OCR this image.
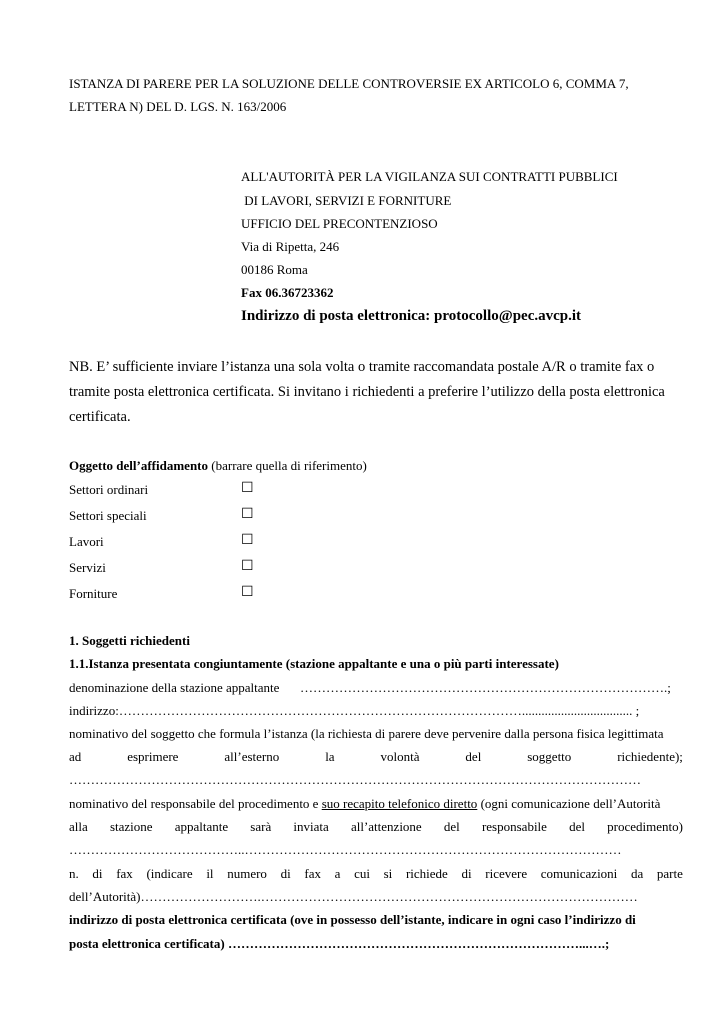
ISTANZA DI PARERE PER LA SOLUZIONE DELLE CONTROVERSIE EX ARTICOLO 6, COMMA 7,
LETTERA N) DEL D. LGS. N. 163/2006
ALL'AUTORITÀ PER LA VIGILANZA SUI CONTRATTI PUBBLICI
DI LAVORI, SERVIZI E FORNITURE
UFFICIO DEL PRECONTENZIOSO
Via di Ripetta, 246
00186 Roma
Fax 06.36723362
Indirizzo di posta elettronica: protocollo@pec.avcp.it
NB. E’ sufficiente inviare l’istanza una sola volta o tramite raccomandata postale A/R o tramite fax o
tramite posta elettronica certificata. Si invitano i richiedenti a preferire l’utilizzo della posta elettronica
certificata.
Oggetto dell’affidamento (barrare quella di riferimento)
Settori ordinari	☐
Settori speciali	☐
Lavori	☐
Servizi	☐
Forniture	☐
1. Soggetti richiedenti
1.1.Istanza presentata congiuntamente (stazione appaltante e una o più parti interessate)
denominazione della stazione appaltante ………………………………………………………………………….;
indirizzo:………………………………………………………………………………….................................. ;
nominativo del soggetto che formula l’istanza (la richiesta di parere deve pervenire dalla persona fisica legittimata
ad	esprimere	all’esterno	la	volontà	del	soggetto	richiedente);
……………………………………………………………………………………………………………………
nominativo del responsabile del procedimento e suo recapito telefonico diretto (ogni comunicazione dell’Autorità
alla stazione appaltante sarà inviata all’attenzione del responsabile del procedimento)
…………………………………..……………………………………………………………………………
n. di fax (indicare il numero di fax a cui si richiede di ricevere comunicazioni da parte
dell’Autorità)……………………….……………………………………………………………………………
indirizzo di posta elettronica certificata (ove in possesso dell’istante, indicare in ogni caso l’indirizzo di
posta elettronica certificata) ………………………………………………………………………...….;
